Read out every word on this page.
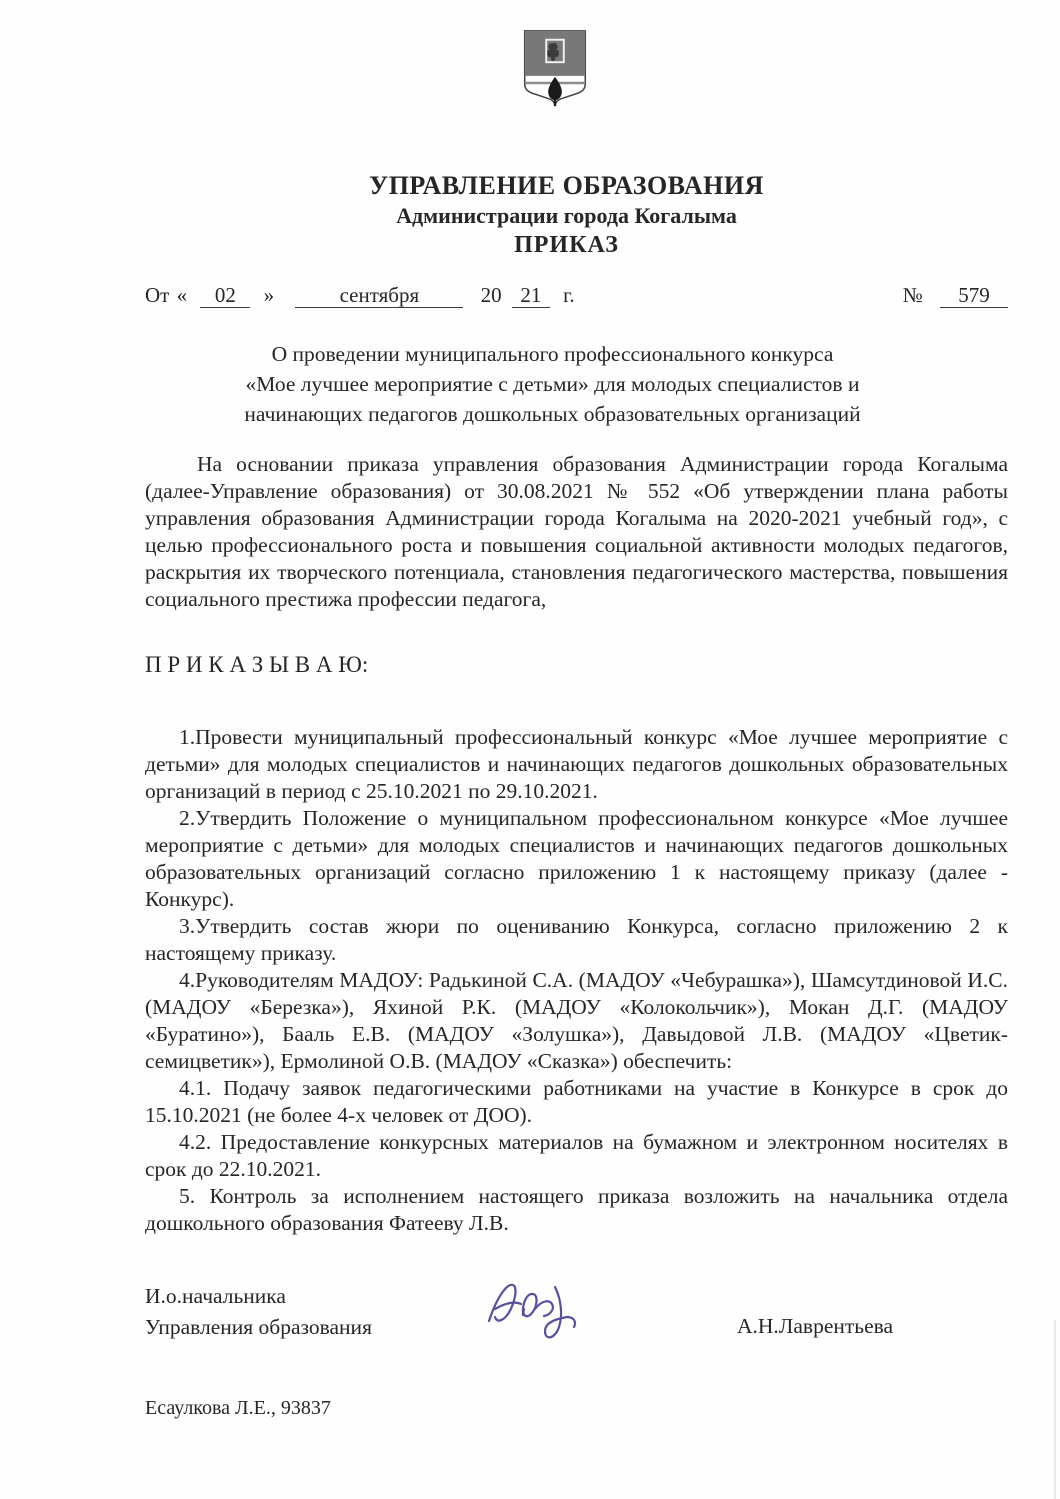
УПРАВЛЕНИЕ ОБРАЗОВАНИЯ
Администрации города Когалыма
ПРИКАЗ
От « 02 »	сентября	20 21 г.	№ 579
О проведении муниципального профессионального конкурса
«Мое лучшее мероприятие с детьми» для молодых специалистов и
начинающих педагогов дошкольных образовательных организаций

На основании приказа управления образования Администрации города Когалыма (далее-Управление образования) от 30.08.2021 № 552 «Об утверждении плана работы управления образования Администрации города Когалыма на 2020-2021 учебный год», с целью профессионального роста и повышения социальной активности молодых педагогов, раскрытия их творческого потенциала, становления педагогического мастерства, повышения социального престижа профессии педагога,

П Р И К А З Ы В А Ю:

1.Провести муниципальный профессиональный конкурс «Мое лучшее мероприятие с детьми» для молодых специалистов и начинающих педагогов дошкольных образовательных организаций в период с 25.10.2021 по 29.10.2021.

2.Утвердить Положение о муниципальном профессиональном конкурсе «Мое лучшее мероприятие с детьми» для молодых специалистов и начинающих педагогов дошкольных образовательных организаций согласно приложению 1 к настоящему приказу (далее - Конкурс).

3.Утвердить состав жюри по оцениванию Конкурса, согласно приложению 2 к настоящему приказу.

4.Руководителям МАДОУ: Радькиной С.А. (МАДОУ «Чебурашка»), Шамсутдиновой И.С. (МАДОУ «Березка»), Яхиной Р.К. (МАДОУ «Колокольчик»), Мокан Д.Г. (МАДОУ «Буратино»), Бааль Е.В. (МАДОУ «Золушка»), Давыдовой Л.В. (МАДОУ «Цветик-семицветик»), Ермолиной О.В. (МАДОУ «Сказка») обеспечить:

4.1. Подачу заявок педагогическими работниками на участие в Конкурсе в срок до 15.10.2021 (не более 4-х человек от ДОО).

4.2. Предоставление конкурсных материалов на бумажном и электронном носителях в срок до 22.10.2021.

5. Контроль за исполнением настоящего приказа возложить на начальника отдела дошкольного образования Фатееву Л.В.

И.о.начальника
Управления образования	А.Н.Лаврентьева
Есаулкова Л.Е., 93837
